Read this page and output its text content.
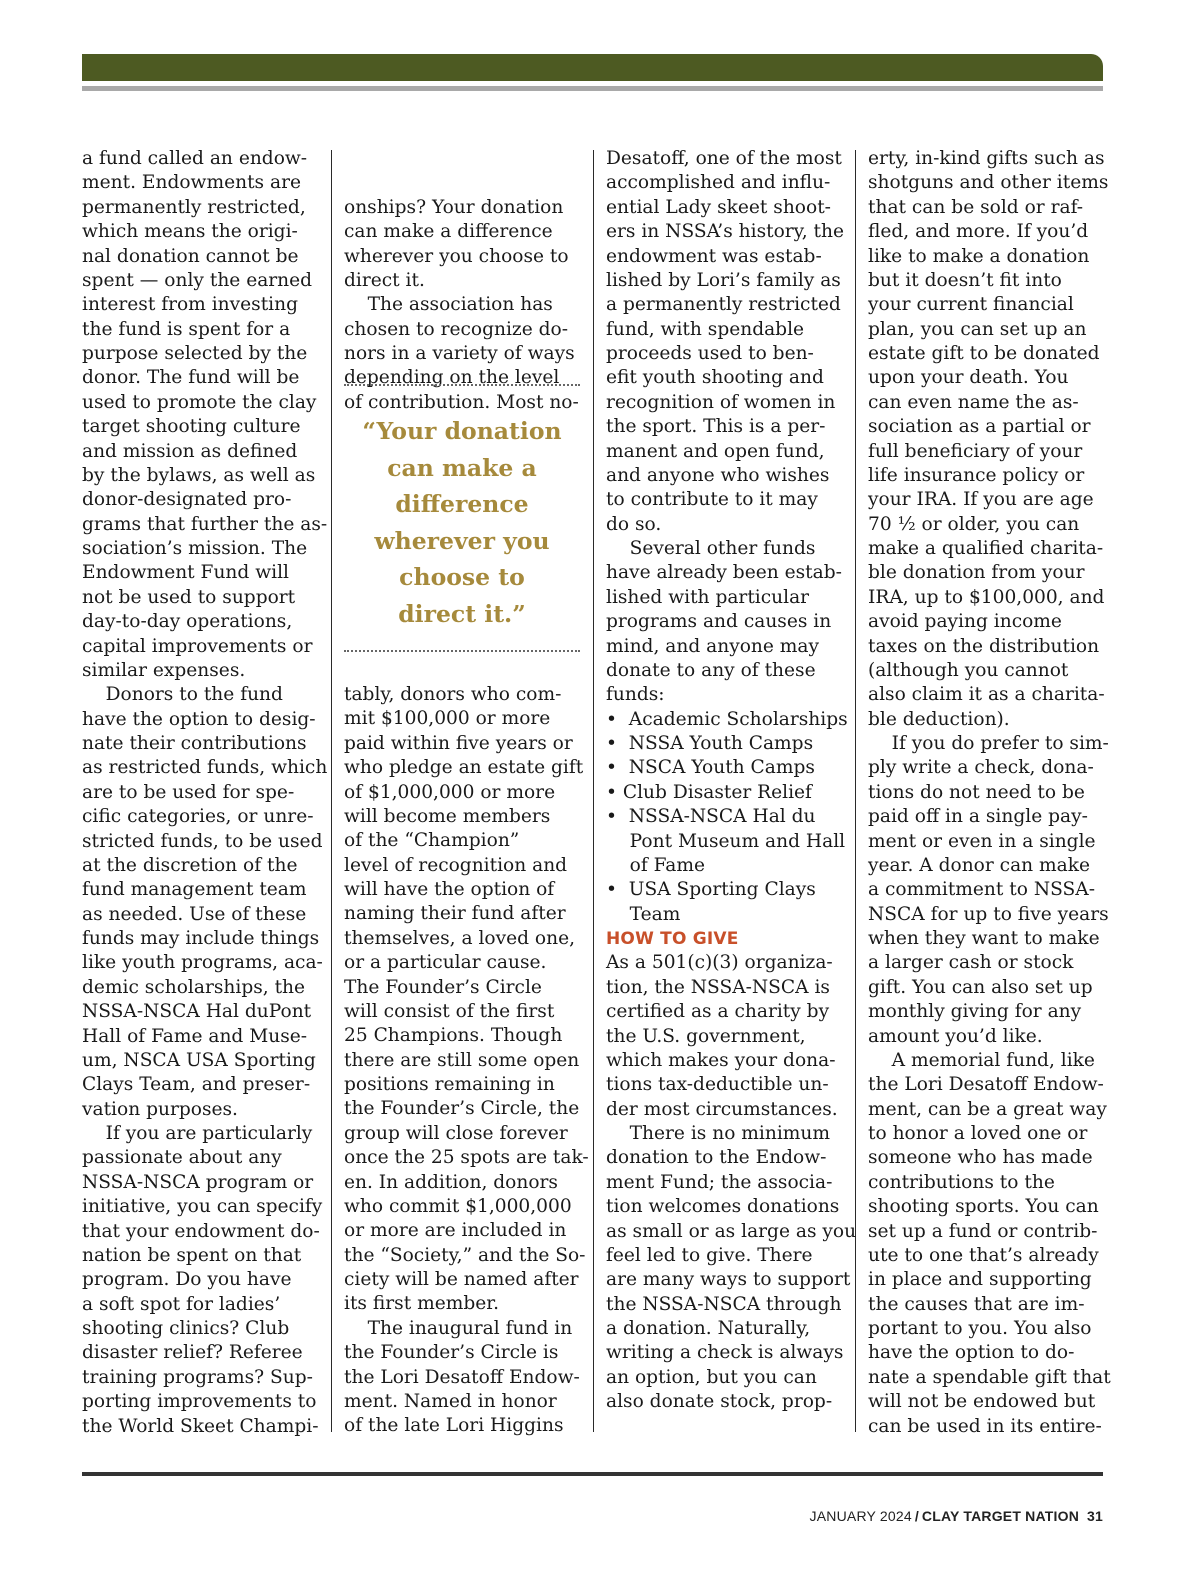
a fund called an endow-
ment. Endowments are
permanently restricted,
which means the origi-
nal donation cannot be
spent — only the earned
interest from investing
the fund is spent for a
purpose selected by the
donor. The fund will be
used to promote the clay
target shooting culture
and mission as defined
by the bylaws, as well as
donor-designated pro-
grams that further the as-
sociation’s mission. The
Endowment Fund will
not be used to support
day-to-day operations,
capital improvements or
similar expenses.
Donors to the fund
have the option to desig-
nate their contributions
as restricted funds, which
are to be used for spe-
cific categories, or unre-
stricted funds, to be used
at the discretion of the
fund management team
as needed. Use of these
funds may include things
like youth programs, aca-
demic scholarships, the
NSSA-NSCA Hal duPont
Hall of Fame and Muse-
um, NSCA USA Sporting
Clays Team, and preser-
vation purposes.
If you are particularly
passionate about any
NSSA-NSCA program or
initiative, you can specify
that your endowment do-
nation be spent on that
program. Do you have
a soft spot for ladies’
shooting clinics? Club
disaster relief? Referee
training programs? Sup-
porting improvements to
the World Skeet Champi-

onships? Your donation
can make a difference
wherever you choose to
direct it.
The association has
chosen to recognize do-
nors in a variety of ways
depending on the level
of contribution. Most no-

“Your donation
can make a
difference
wherever you
choose to
direct it.”

tably, donors who com-
mit $100,000 or more
paid within five years or
who pledge an estate gift
of $1,000,000 or more
will become members
of the “Champion”
level of recognition and
will have the option of
naming their fund after
themselves, a loved one,
or a particular cause.
The Founder’s Circle
will consist of the first
25 Champions. Though
there are still some open
positions remaining in
the Founder’s Circle, the
group will close forever
once the 25 spots are tak-
en. In addition, donors
who commit $1,000,000
or more are included in
the “Society,” and the So-
ciety will be named after
its first member.
The inaugural fund in
the Founder’s Circle is
the Lori Desatoff Endow-
ment. Named in honor
of the late Lori Higgins

Desatoff, one of the most
accomplished and influ-
ential Lady skeet shoot-
ers in NSSA’s history, the
endowment was estab-
lished by Lori’s family as
a permanently restricted
fund, with spendable
proceeds used to ben-
efit youth shooting and
recognition of women in
the sport. This is a per-
manent and open fund,
and anyone who wishes
to contribute to it may
do so.
Several other funds
have already been estab-
lished with particular
programs and causes in
mind, and anyone may
donate to any of these
funds:
•  Academic Scholarships
•  NSSA Youth Camps
•  NSCA Youth Camps
• Club Disaster Relief
•  NSSA-NSCA Hal du
Pont Museum and Hall
of Fame
•  USA Sporting Clays
Team
HOW TO GIVE
As a 501(c)(3) organiza-
tion, the NSSA-NSCA is
certified as a charity by
the U.S. government,
which makes your dona-
tions tax-deductible un-
der most circumstances.
There is no minimum
donation to the Endow-
ment Fund; the associa-
tion welcomes donations
as small or as large as you
feel led to give. There
are many ways to support
the NSSA-NSCA through
a donation. Naturally,
writing a check is always
an option, but you can
also donate stock, prop-
erty, in-kind gifts such as
shotguns and other items
that can be sold or raf-
fled, and more. If you’d
like to make a donation
but it doesn’t fit into
your current financial
plan, you can set up an
estate gift to be donated
upon your death. You
can even name the as-
sociation as a partial or
full beneficiary of your
life insurance policy or
your IRA. If you are age
70 ½ or older, you can
make a qualified charita-
ble donation from your
IRA, up to $100,000, and
avoid paying income
taxes on the distribution
(although you cannot
also claim it as a charita-
ble deduction).
If you do prefer to sim-
ply write a check, dona-
tions do not need to be
paid off in a single pay-
ment or even in a single
year. A donor can make
a commitment to NSSA-
NSCA for up to five years
when they want to make
a larger cash or stock
gift. You can also set up
monthly giving for any
amount you’d like.
A memorial fund, like
the Lori Desatoff Endow-
ment, can be a great way
to honor a loved one or
someone who has made
contributions to the
shooting sports. You can
set up a fund or contrib-
ute to one that’s already
in place and supporting
the causes that are im-
portant to you. You also
have the option to do-
nate a spendable gift that
will not be endowed but
can be used in its entire-
JANUARY 2024 / CLAY TARGET NATION 31
